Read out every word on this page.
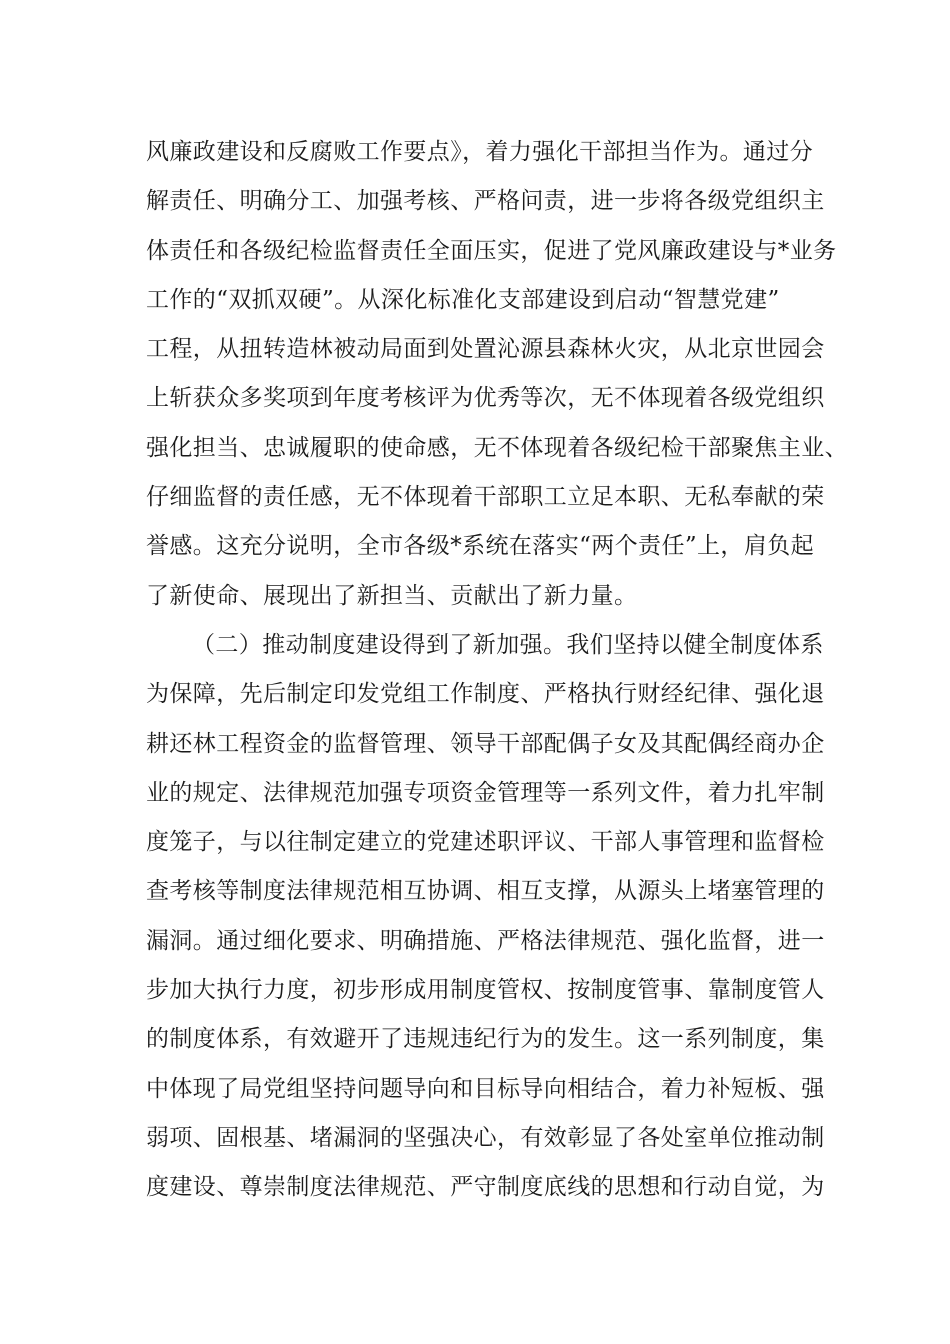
风廉政建设和反腐败工作要点》，着力强化干部担当作为。通过分
解责任、明确分工、加强考核、严格问责，进一步将各级党组织主
体责任和各级纪检监督责任全面压实，促进了党风廉政建设与*业务
工作的“双抓双硬”。从深化标准化支部建设到启动“智慧党建”
工程，从扭转造林被动局面到处置沁源县森林火灾，从北京世园会
上斩获众多奖项到年度考核评为优秀等次，无不体现着各级党组织
强化担当、忠诚履职的使命感，无不体现着各级纪检干部聚焦主业、
仔细监督的责任感，无不体现着干部职工立足本职、无私奉献的荣
誉感。这充分说明，全市各级*系统在落实“两个责任”上，肩负起
了新使命、展现出了新担当、贡献出了新力量。
（二）推动制度建设得到了新加强。我们坚持以健全制度体系
为保障，先后制定印发党组工作制度、严格执行财经纪律、强化退
耕还林工程资金的监督管理、领导干部配偶子女及其配偶经商办企
业的规定、法律规范加强专项资金管理等一系列文件，着力扎牢制
度笼子，与以往制定建立的党建述职评议、干部人事管理和监督检
查考核等制度法律规范相互协调、相互支撑，从源头上堵塞管理的
漏洞。通过细化要求、明确措施、严格法律规范、强化监督，进一
步加大执行力度，初步形成用制度管权、按制度管事、靠制度管人
的制度体系，有效避开了违规违纪行为的发生。这一系列制度，集
中体现了局党组坚持问题导向和目标导向相结合，着力补短板、强
弱项、固根基、堵漏洞的坚强决心，有效彰显了各处室单位推动制
度建设、尊崇制度法律规范、严守制度底线的思想和行动自觉，为
